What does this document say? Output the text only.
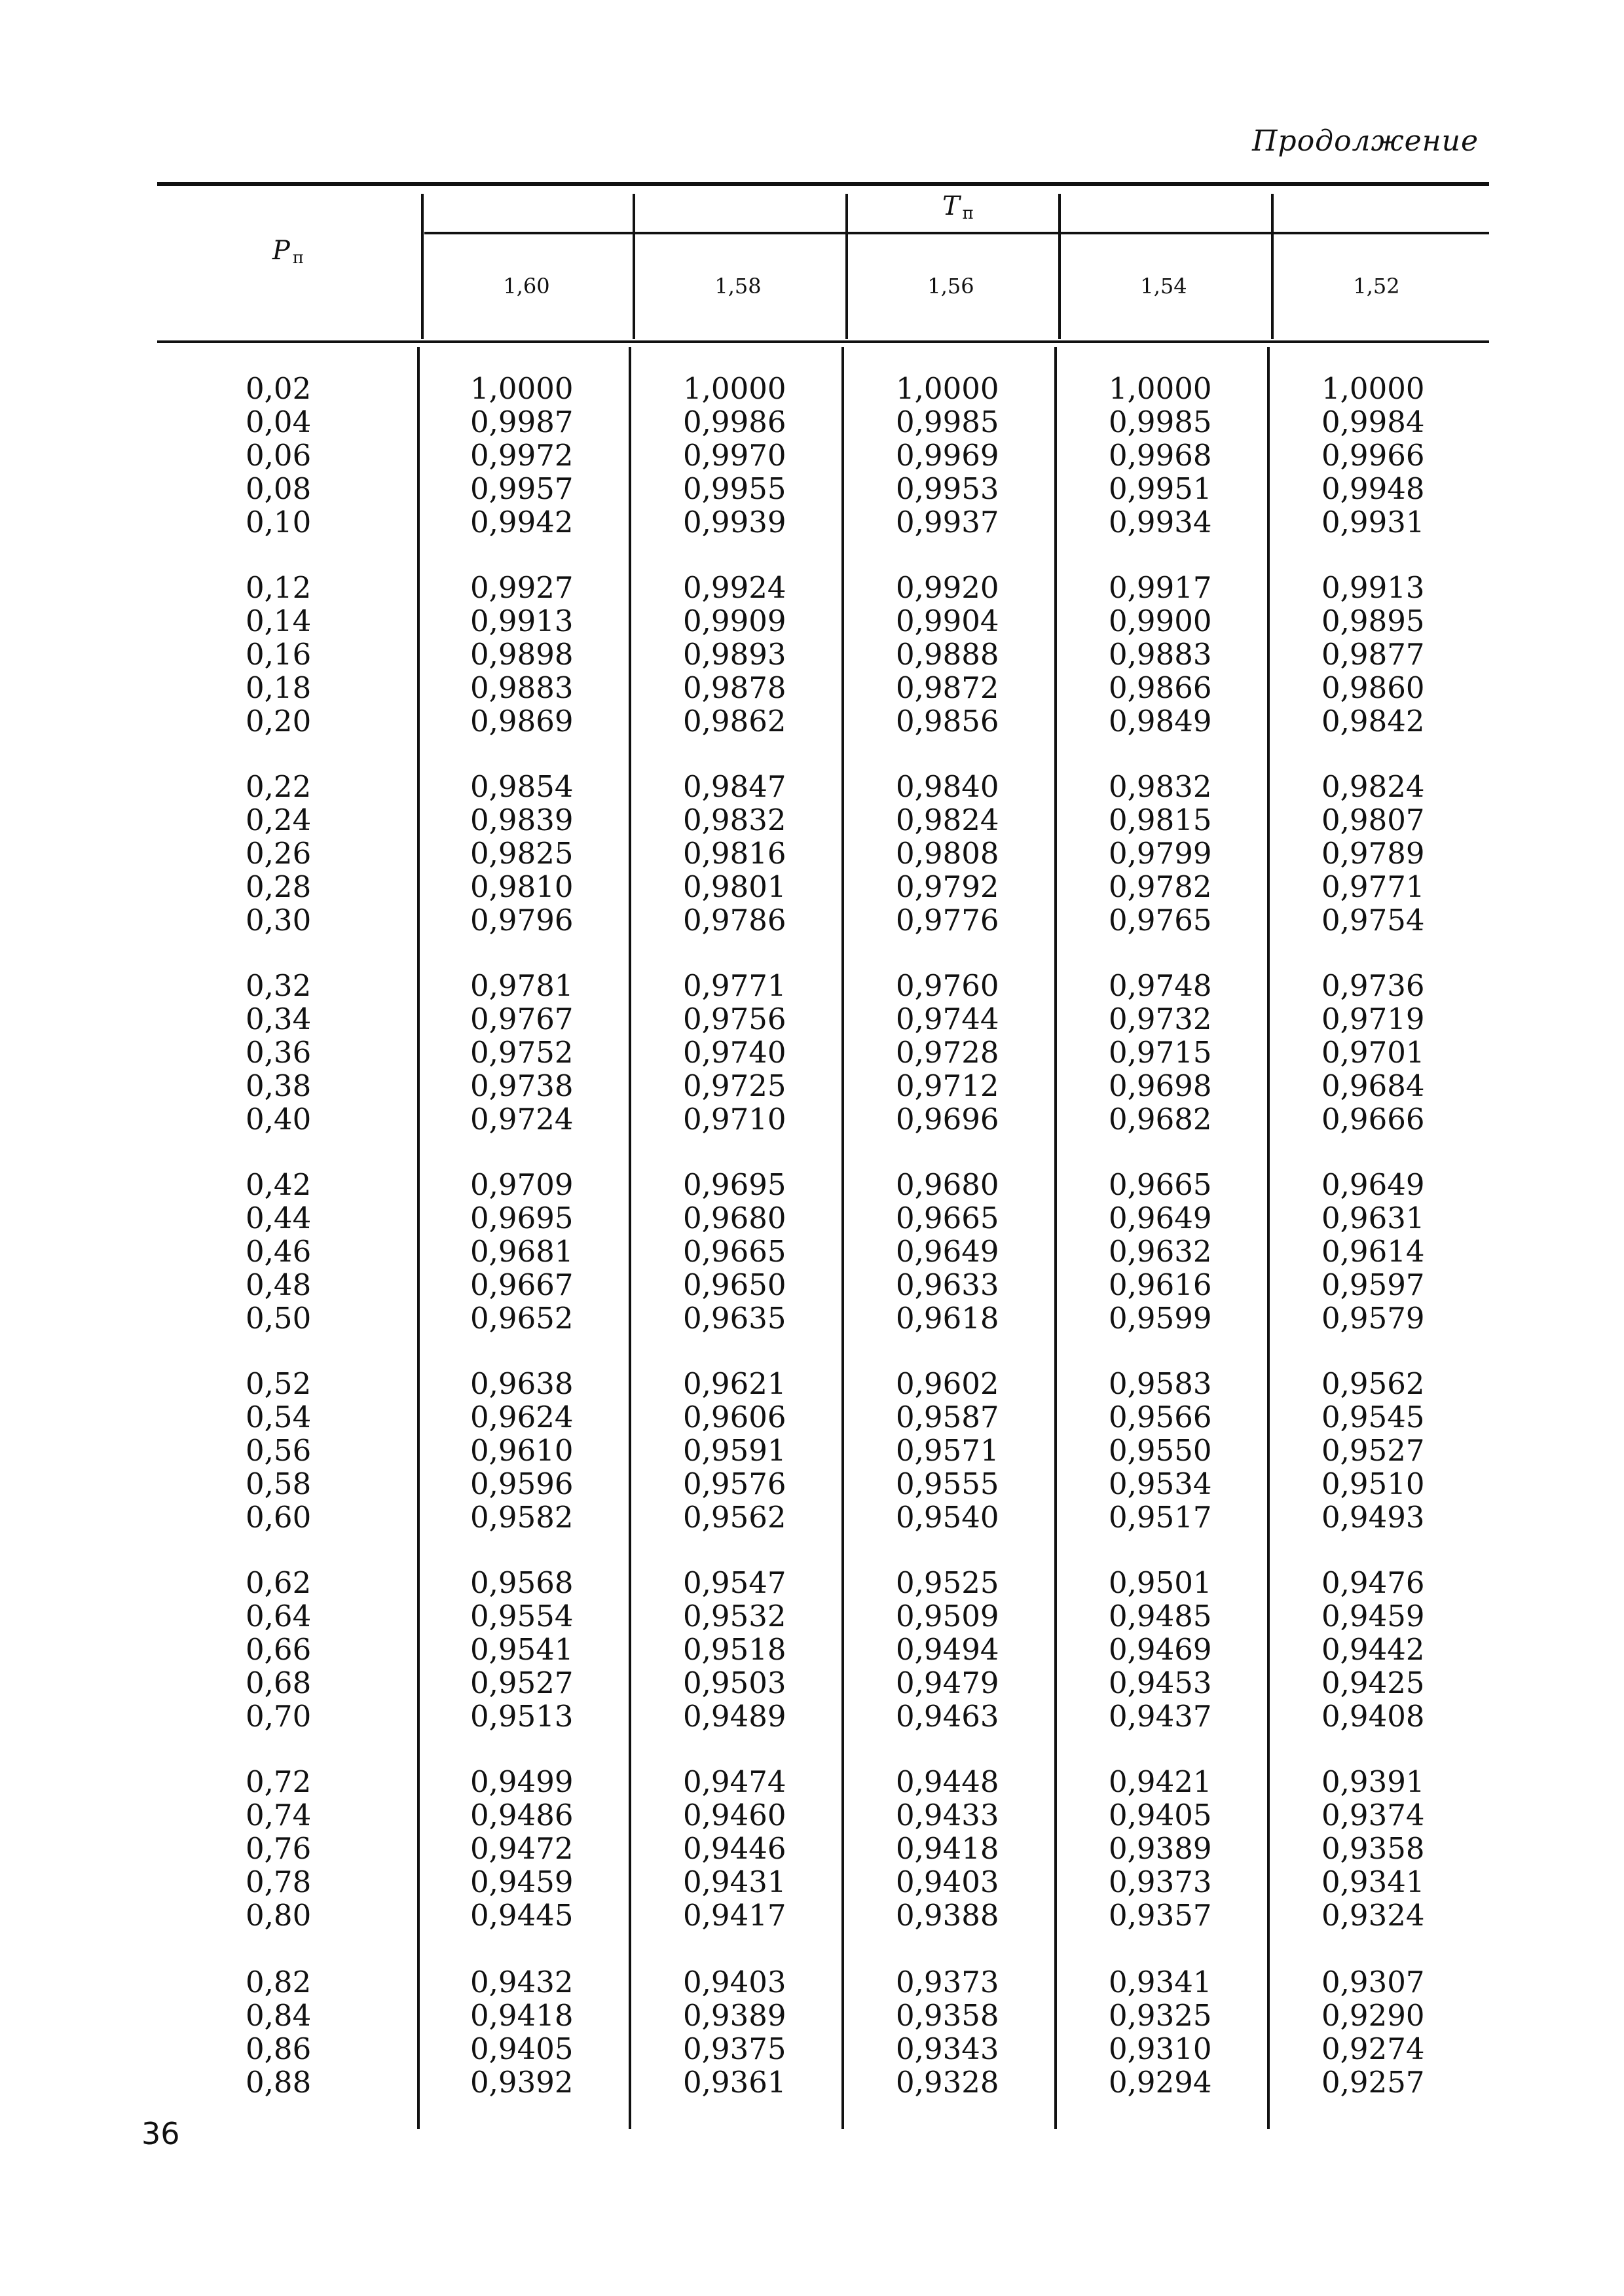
Продолжение
P $_п$
T $_п$
1,60	1,58	1,56	1,54	1,52
0,02	1,0000	1,0000	1,0000	1,0000	1,0000
0,04	0,9987	0,9986	0,9985	0,9985	0,9984
0,06	0,9972	0,9970	0,9969	0,9968	0,9966
0,08	0,9957	0,9955	0,9953	0,9951	0,9948
0,10	0,9942	0,9939	0,9937	0,9934	0,9931
0,12	0,9927	0,9924	0,9920	0,9917	0,9913
0,14	0,9913	0,9909	0,9904	0,9900	0,9895
0,16	0,9898	0,9893	0,9888	0,9883	0,9877
0,18	0,9883	0,9878	0,9872	0,9866	0,9860
0,20	0,9869	0,9862	0,9856	0,9849	0,9842
0,22	0,9854	0,9847	0,9840	0,9832	0,9824
0,24	0,9839	0,9832	0,9824	0,9815	0,9807
0,26	0,9825	0,9816	0,9808	0,9799	0,9789
0,28	0,9810	0,9801	0,9792	0,9782	0,9771
0,30	0,9796	0,9786	0,9776	0,9765	0,9754
0,32	0,9781	0,9771	0,9760	0,9748	0,9736
0,34	0,9767	0,9756	0,9744	0,9732	0,9719
0,36	0,9752	0,9740	0,9728	0,9715	0,9701
0,38	0,9738	0,9725	0,9712	0,9698	0,9684
0,40	0,9724	0,9710	0,9696	0,9682	0,9666
0,42	0,9709	0,9695	0,9680	0,9665	0,9649
0,44	0,9695	0,9680	0,9665	0,9649	0,9631
0,46	0,9681	0,9665	0,9649	0,9632	0,9614
0,48	0,9667	0,9650	0,9633	0,9616	0,9597
0,50	0,9652	0,9635	0,9618	0,9599	0,9579
0,52	0,9638	0,9621	0,9602	0,9583	0,9562
0,54	0,9624	0,9606	0,9587	0,9566	0,9545
0,56	0,9610	0,9591	0,9571	0,9550	0,9527
0,58	0,9596	0,9576	0,9555	0,9534	0,9510
0,60	0,9582	0,9562	0,9540	0,9517	0,9493
0,62	0,9568	0,9547	0,9525	0,9501	0,9476
0,64	0,9554	0,9532	0,9509	0,9485	0,9459
0,66	0,9541	0,9518	0,9494	0,9469	0,9442
0,68	0,9527	0,9503	0,9479	0,9453	0,9425
0,70	0,9513	0,9489	0,9463	0,9437	0,9408
0,72	0,9499	0,9474	0,9448	0,9421	0,9391
0,74	0,9486	0,9460	0,9433	0,9405	0,9374
0,76	0,9472	0,9446	0,9418	0,9389	0,9358
0,78	0,9459	0,9431	0,9403	0,9373	0,9341
0,80	0,9445	0,9417	0,9388	0,9357	0,9324
0,82	0,9432	0,9403	0,9373	0,9341	0,9307
0,84	0,9418	0,9389	0,9358	0,9325	0,9290
0,86	0,9405	0,9375	0,9343	0,9310	0,9274
0,88	0,9392	0,9361	0,9328	0,9294	0,9257
36
